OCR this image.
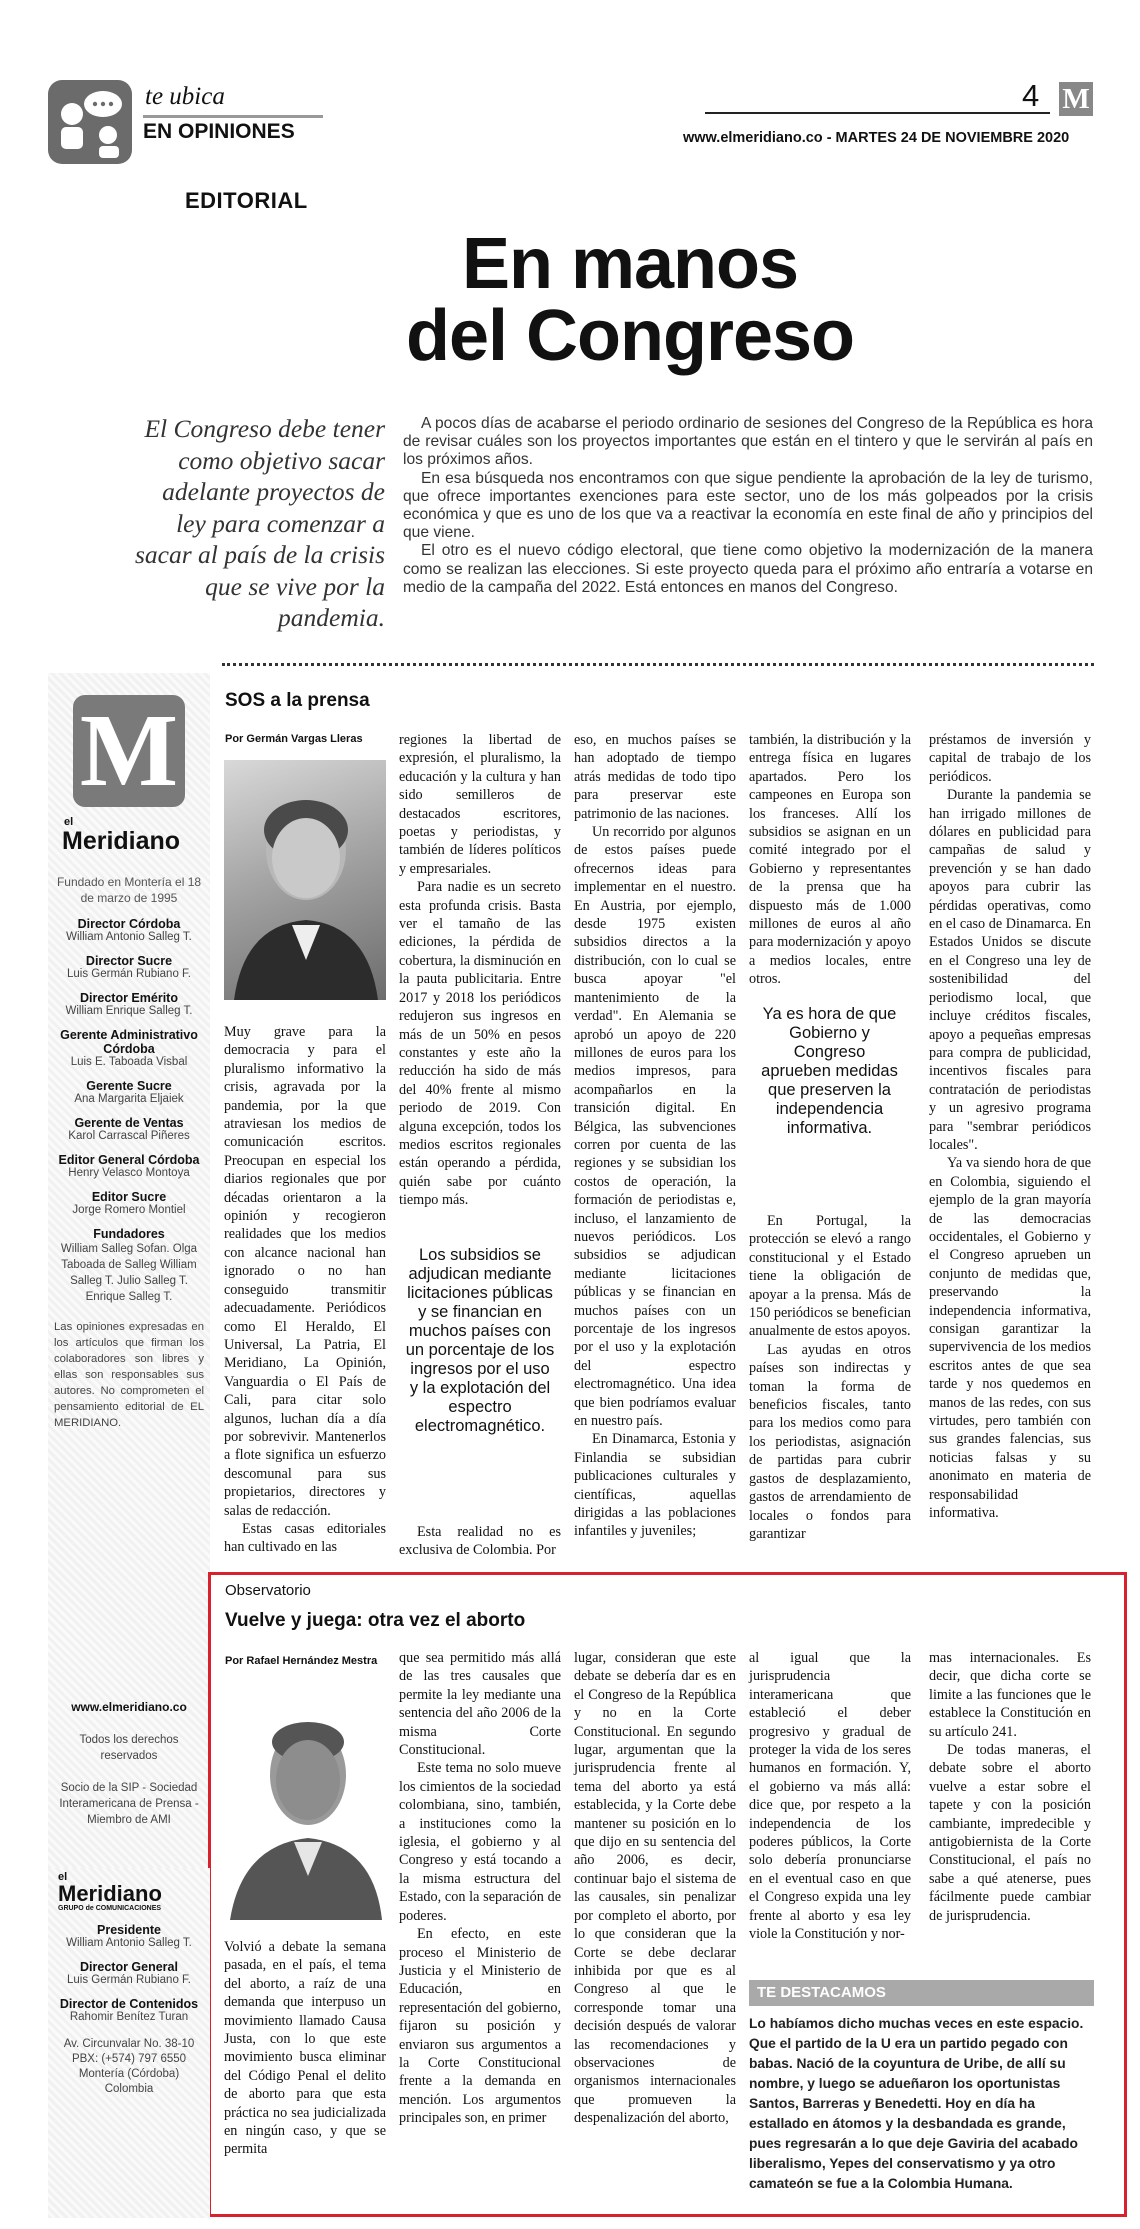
te ubica
EN OPINIONES
4 M
www.elmeridiano.co - MARTES 24 DE NOVIEMBRE 2020
EDITORIAL
En manos
del Congreso
El Congreso debe tener como objetivo sacar adelante proyectos de ley para comenzar a sacar al país de la crisis que se vive por la pandemia.

A pocos días de acabarse el periodo ordinario de sesiones del Congreso de la República es hora de revisar cuáles son los proyectos importantes que están en el tintero y que le servirán al país en los próximos años.

En esa búsqueda nos encontramos con que sigue pendiente la aprobación de la ley de turismo, que ofrece importantes exenciones para este sector, uno de los más golpeados por la crisis económica y que es uno de los que va a reactivar la economía en este final de año y principios del que viene.

El otro es el nuevo código electoral, que tiene como objetivo la modernización de la manera como se realizan las elecciones. Si este proyecto queda para el próximo año entraría a votarse en medio de la campaña del 2022. Está entonces en manos del Congreso.

M
el
Meridiano
Fundado en Montería el 18 de marzo de 1995
Director Córdoba
William Antonio Salleg T.
Director Sucre
Luis Germán Rubiano F.
Director Emérito
William Enrique Salleg T.
Gerente Administrativo Córdoba
Luis E. Taboada Visbal
Gerente Sucre
Ana Margarita Eljaiek
Gerente de Ventas
Karol Carrascal Piñeres
Editor General Córdoba
Henry Velasco Montoya
Editor Sucre
Jorge Romero Montiel
Fundadores
William Salleg Sofan. Olga Taboada de Salleg William Salleg T. Julio Salleg T. Enrique Salleg T.
Las opiniones expresadas en los artículos que firman los colaboradores son libres y ellas son responsables sus autores. No comprometen el pensamiento editorial de EL MERIDIANO.
SOS a la prensa
Por Germán Vargas Lleras

Muy grave para la democracia y para el pluralismo informativo la crisis, agravada por la pandemia, por la que atraviesan los medios de comunicación escritos. Preocupan en especial los diarios regionales que por décadas orientaron a la opinión y recogieron realidades que los medios con alcance nacional han ignorado o no han conseguido transmitir adecuadamente. Periódicos como El Heraldo, El Universal, La Patria, El Meridiano, La Opinión, Vanguardia o El País de Cali, para citar solo algunos, luchan día a día por sobrevivir. Mantenerlos a flote significa un esfuerzo descomunal para sus propietarios, directores y salas de redacción.

Estas casas editoriales han cultivado en las

regiones la libertad de expresión, el pluralismo, la educación y la cultura y han sido semilleros de destacados escritores, poetas y periodistas, y también de líderes políticos y empresariales.

Para nadie es un secreto esta profunda crisis. Basta ver el tamaño de las ediciones, la pérdida de cobertura, la disminución en la pauta publicitaria. Entre 2017 y 2018 los periódicos redujeron sus ingresos en más de un 50% en pesos constantes y este año la reducción ha sido de más del 40% frente al mismo periodo de 2019. Con alguna excepción, todos los medios escritos regionales están operando a pérdida, quién sabe por cuánto tiempo más.

Los subsidios se adjudican mediante licitaciones públicas y se financian en muchos países con un porcentaje de los ingresos por el uso y la explotación del espectro electromagnético.

Esta realidad no es exclusiva de Colombia. Por

eso, en muchos países se han adoptado de tiempo atrás medidas de todo tipo para preservar este patrimonio de las naciones.

Un recorrido por algunos de estos países puede ofrecernos ideas para implementar en el nuestro. En Austria, por ejemplo, desde 1975 existen subsidios directos a la distribución, con lo cual se busca apoyar "el mantenimiento de la verdad". En Alemania se aprobó un apoyo de 220 millones de euros para los medios impresos, para acompañarlos en la transición digital. En Bélgica, las subvenciones corren por cuenta de las regiones y se subsidian los costos de operación, la formación de periodistas e, incluso, el lanzamiento de nuevos periódicos. Los subsidios se adjudican mediante licitaciones públicas y se financian en muchos países con un porcentaje de los ingresos por el uso y la explotación del espectro electromagnético. Una idea que bien podríamos evaluar en nuestro país.

En Dinamarca, Estonia y Finlandia se subsidian publicaciones culturales y científicas, aquellas dirigidas a las poblaciones infantiles y juveniles;

también, la distribución y la entrega física en lugares apartados. Pero los campeones en Europa son los franceses. Allí los subsidios se asignan en un comité integrado por el Gobierno y representantes de la prensa que ha dispuesto más de 1.000 millones de euros al año para modernización y apoyo a medios locales, entre otros.

Ya es hora de que Gobierno y Congreso aprueben medidas que preserven la independencia informativa.

En Portugal, la protección se elevó a rango constitucional y el Estado tiene la obligación de apoyar a la prensa. Más de 150 periódicos se benefician anualmente de estos apoyos.

Las ayudas en otros países son indirectas y toman la forma de beneficios fiscales, tanto para los medios como para los periodistas, asignación de partidas para cubrir gastos de desplazamiento, gastos de arrendamiento de locales o fondos para garantizar

préstamos de inversión y capital de trabajo de los periódicos.

Durante la pandemia se han irrigado millones de dólares en publicidad para campañas de salud y prevención y se han dado apoyos para cubrir las pérdidas operativas, como en el caso de Dinamarca. En Estados Unidos se discute en el Congreso una ley de sostenibilidad del periodismo local, que incluye créditos fiscales, apoyo a pequeñas empresas para compra de publicidad, incentivos fiscales para contratación de periodistas y un agresivo programa para "sembrar periódicos locales".

Ya va siendo hora de que en Colombia, siguiendo el ejemplo de la gran mayoría de las democracias occidentales, el Gobierno y el Congreso aprueben un conjunto de medidas que, preservando la independencia informativa, consigan garantizar la supervivencia de los medios escritos antes de que sea tarde y nos quedemos en manos de las redes, con sus virtudes, pero también con sus grandes falencias, sus noticias falsas y su anonimato en materia de responsabilidad informativa.

Observatorio
Vuelve y juega: otra vez el aborto
Por Rafael Hernández Mestra

Volvió a debate la semana pasada, en el país, el tema del aborto, a raíz de una demanda que interpuso un movimiento llamado Causa Justa, con lo que este movimiento busca eliminar del Código Penal el delito de aborto para que esta práctica no sea judicializada en ningún caso, y que se permita

que sea permitido más allá de las tres causales que permite la ley mediante una sentencia del año 2006 de la misma Corte Constitucional.

Este tema no solo mueve los cimientos de la sociedad colombiana, sino, también, a instituciones como la iglesia, el gobierno y al Congreso y está tocando a la misma estructura del Estado, con la separación de poderes.

En efecto, en este proceso el Ministerio de Justicia y el Ministerio de Educación, en representación del gobierno, fijaron su posición y enviaron sus argumentos a la Corte Constitucional frente a la demanda en mención. Los argumentos principales son, en primer

lugar, consideran que este debate se debería dar es en el Congreso de la República y no en la Corte Constitucional. En segundo lugar, argumentan que la jurisprudencia frente al tema del aborto ya está establecida, y la Corte debe mantener su posición en lo que dijo en su sentencia del año 2006, es decir, continuar bajo el sistema de las causales, sin penalizar por completo el aborto, por lo que consideran que la Corte se debe declarar inhibida por que es al Congreso al que le corresponde tomar una decisión después de valorar las recomendaciones y observaciones de organismos internacionales que promueven la despenalización del aborto,

al igual que la jurisprudencia interamericana que estableció el deber progresivo y gradual de proteger la vida de los seres humanos en formación. Y, el gobierno va más allá: dice que, por respeto a la independencia de los poderes públicos, la Corte solo debería pronunciarse en el eventual caso en que el Congreso expida una ley frente al aborto y esa ley viole la Constitución y nor-

mas internacionales. Es decir, que dicha corte se limite a las funciones que le establece la Constitución en su artículo 241.

De todas maneras, el debate sobre el aborto vuelve a estar sobre el tapete y con la posición cambiante, impredecible y antigobiernista de la Corte Constitucional, el país no sabe a qué atenerse, pues fácilmente puede cambiar de jurisprudencia.

TE DESTACAMOS
Lo habíamos dicho muchas veces en este espacio. Que el partido de la U era un partido pegado con babas. Nació de la coyuntura de Uribe, de allí su nombre, y luego se adueñaron los oportunistas Santos, Barreras y Benedetti. Hoy en día ha estallado en átomos y la desbandada es grande, pues regresarán a lo que deje Gaviria del acabado liberalismo, Yepes del conservatismo y ya otro camateón se fue a la Colombia Humana.
el
Meridiano
GRUPO de COMUNICACIONES
Presidente
William Antonio Salleg T.
Director General
Luis Germán Rubiano F.
Director de Contenidos
Rahomir Benítez Turan
Av. Circunvalar No. 38-10 PBX: (+574) 797 6550 Montería (Córdoba) Colombia
www.elmeridiano.co
Todos los derechos reservados
Socio de la SIP - Sociedad Interamericana de Prensa - Miembro de AMI
